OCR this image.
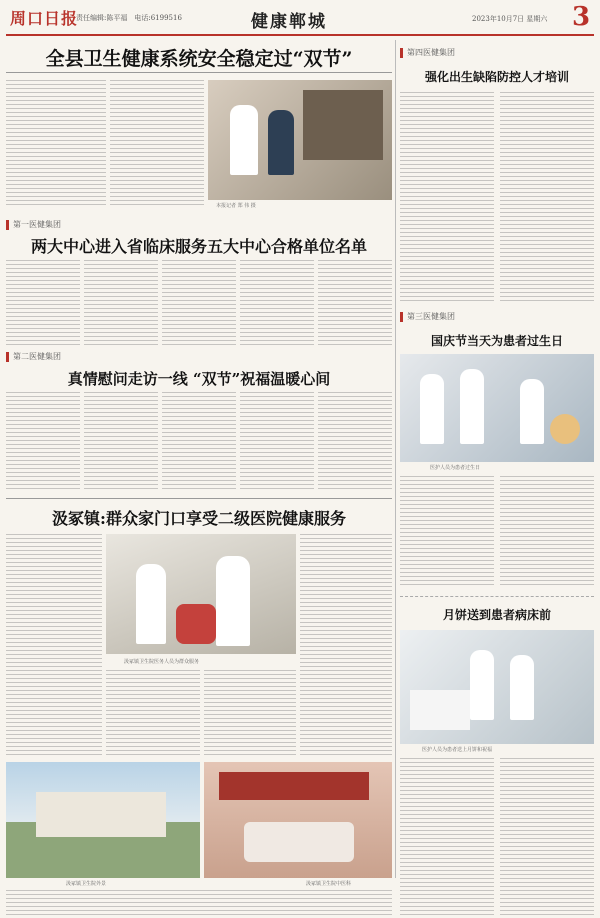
周口日报
责任编辑:陈平福　电话:6199516	健康郸城	2023年10月7日 星期六 3
全县卫生健康系统安全稳定过“双节”
本报记者 郑 伟 摄
第一医健集团
两大中心进入省临床服务五大中心合格单位名单
第二医健集团
真情慰问走访一线 “双节”祝福温暖心间
汲冢镇:群众家门口享受二级医院健康服务
汲冢镇卫生院医务人员为群众服务
汲冢镇卫生院外景	汲冢镇卫生院中医科
第四医健集团
强化出生缺陷防控人才培训
第三医健集团
国庆节当天为患者过生日
医护人员为患者过生日
月饼送到患者病床前
医护人员为患者送上月饼和祝福
